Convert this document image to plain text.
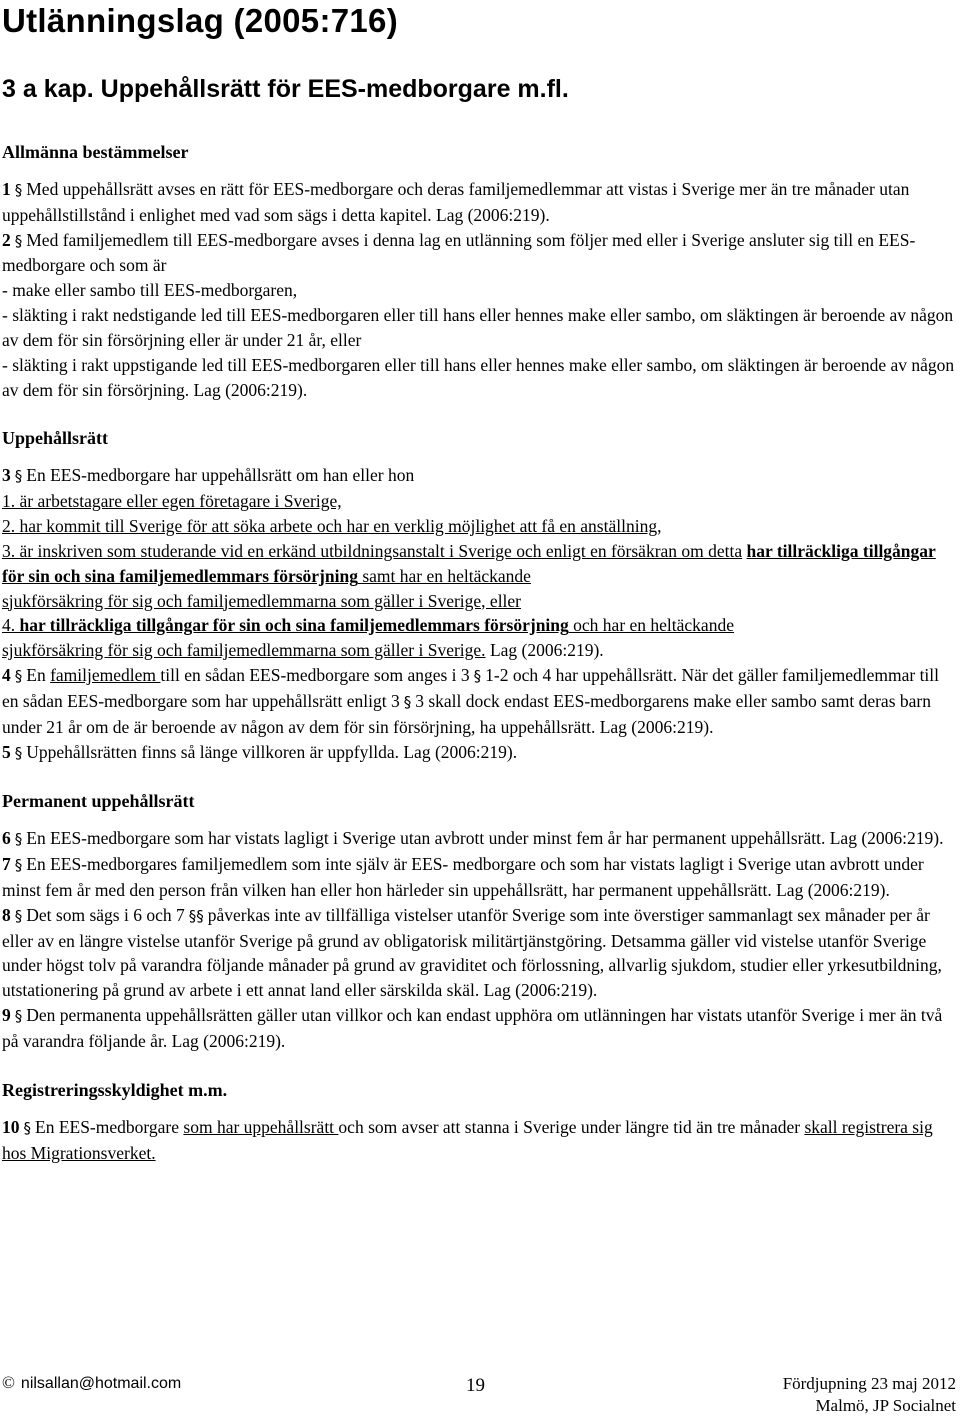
Utlänningslag (2005:716)
3 a kap. Uppehållsrätt för EES-medborgare m.fl.

Allmänna bestämmelser

1 § Med uppehållsrätt avses en rätt för EES-medborgare och deras familjemedlemmar att vistas i Sverige mer än tre månader utan uppehållstillstånd i enlighet med vad som sägs i detta kapitel. Lag (2006:219).

2 § Med familjemedlem till EES-medborgare avses i denna lag en utlänning som följer med eller i Sverige ansluter sig till en EES-medborgare och som är

- make eller sambo till EES-medborgaren,

- släkting i rakt nedstigande led till EES-medborgaren eller till hans eller hennes make eller sambo, om släktingen är beroende av någon av dem för sin försörjning eller är under 21 år, eller

- släkting i rakt uppstigande led till EES-medborgaren eller till hans eller hennes make eller sambo, om släktingen är beroende av någon av dem för sin försörjning. Lag (2006:219).

Uppehållsrätt

3 § En EES-medborgare har uppehållsrätt om han eller hon

1. är arbetstagare eller egen företagare i Sverige,

2. har kommit till Sverige för att söka arbete och har en verklig möjlighet att få en anställning,

3. är inskriven som studerande vid en erkänd utbildningsanstalt i Sverige och enligt en försäkran om detta har tillräckliga tillgångar för sin och sina familjemedlemmars försörjning samt har en heltäckande
sjukförsäkring för sig och familjemedlemmarna som gäller i Sverige, eller

4. har tillräckliga tillgångar för sin och sina familjemedlemmars försörjning och har en heltäckande
sjukförsäkring för sig och familjemedlemmarna som gäller i Sverige. Lag (2006:219).

4 § En familjemedlem till en sådan EES-medborgare som anges i 3 § 1-2 och 4 har uppehållsrätt. När det gäller familjemedlemmar till en sådan EES-medborgare som har uppehållsrätt enligt 3 § 3 skall dock endast EES-medborgarens make eller sambo samt deras barn under 21 år om de är beroende av någon av dem för sin försörjning, ha uppehållsrätt. Lag (2006:219).

5 § Uppehållsrätten finns så länge villkoren är uppfyllda. Lag (2006:219).

Permanent uppehållsrätt

6 § En EES-medborgare som har vistats lagligt i Sverige utan avbrott under minst fem år har permanent uppehållsrätt. Lag (2006:219).

7 § En EES-medborgares familjemedlem som inte själv är EES- medborgare och som har vistats lagligt i Sverige utan avbrott under minst fem år med den person från vilken han eller hon härleder sin uppehållsrätt, har permanent uppehållsrätt. Lag (2006:219).

8 § Det som sägs i 6 och 7 §§ påverkas inte av tillfälliga vistelser utanför Sverige som inte överstiger sammanlagt sex månader per år eller av en längre vistelse utanför Sverige på grund av obligatorisk militärtjänstgöring. Detsamma gäller vid vistelse utanför Sverige under högst tolv på varandra följande månader på grund av graviditet och förlossning, allvarlig sjukdom, studier eller yrkesutbildning, utstationering på grund av arbete i ett annat land eller särskilda skäl. Lag (2006:219).

9 § Den permanenta uppehållsrätten gäller utan villkor och kan endast upphöra om utlänningen har vistats utanför Sverige i mer än två på varandra följande år. Lag (2006:219).

Registreringsskyldighet m.m.

10 § En EES-medborgare som har uppehållsrätt och som avser att stanna i Sverige under längre tid än tre månader skall registrera sig hos Migrationsverket.

© nilsallan@hotmail.com	19	Fördjupning 23 maj 2012
Malmö, JP Socialnet
